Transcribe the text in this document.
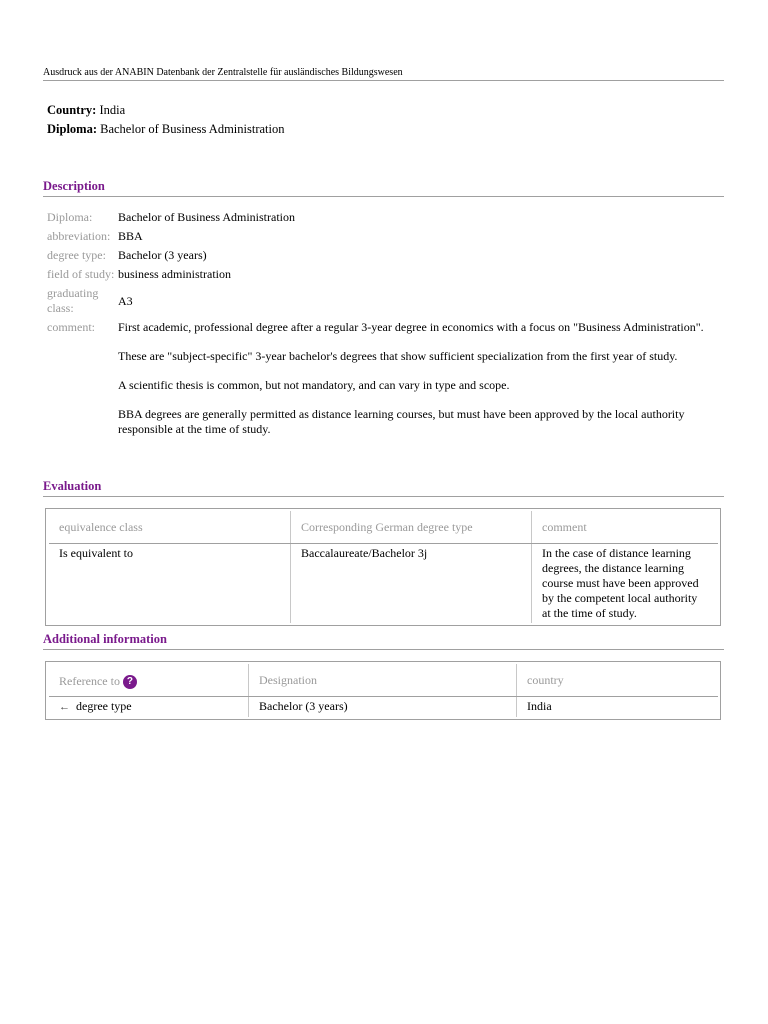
Ausdruck aus der ANABIN Datenbank der Zentralstelle für ausländisches Bildungswesen
Country: India
Diploma: Bachelor of Business Administration
Description
Diploma:	Bachelor of Business Administration
abbreviation: BBA
degree type:	Bachelor (3 years)
field of study: business administration
graduating class:
A3
comment:	First academic, professional degree after a regular 3-year degree in economics with a focus on "Business Administration".

These are "subject-specific" 3-year bachelor's degrees that show sufficient specialization from the first year of study.

A scientific thesis is common, but not mandatory, and can vary in type and scope.

BBA degrees are generally permitted as distance learning courses, but must have been approved by the local authority responsible at the time of study.

Evaluation
Additional information
equivalence class	Corresponding German degree type	comment
Is equivalent to	Baccalaureate/Bachelor 3j	In the case of distance learning degrees, the distance learning course must have been approved by the competent local authority at the time of study.
Reference to ?	Designation	country
← degree type	Bachelor (3 years)	India
